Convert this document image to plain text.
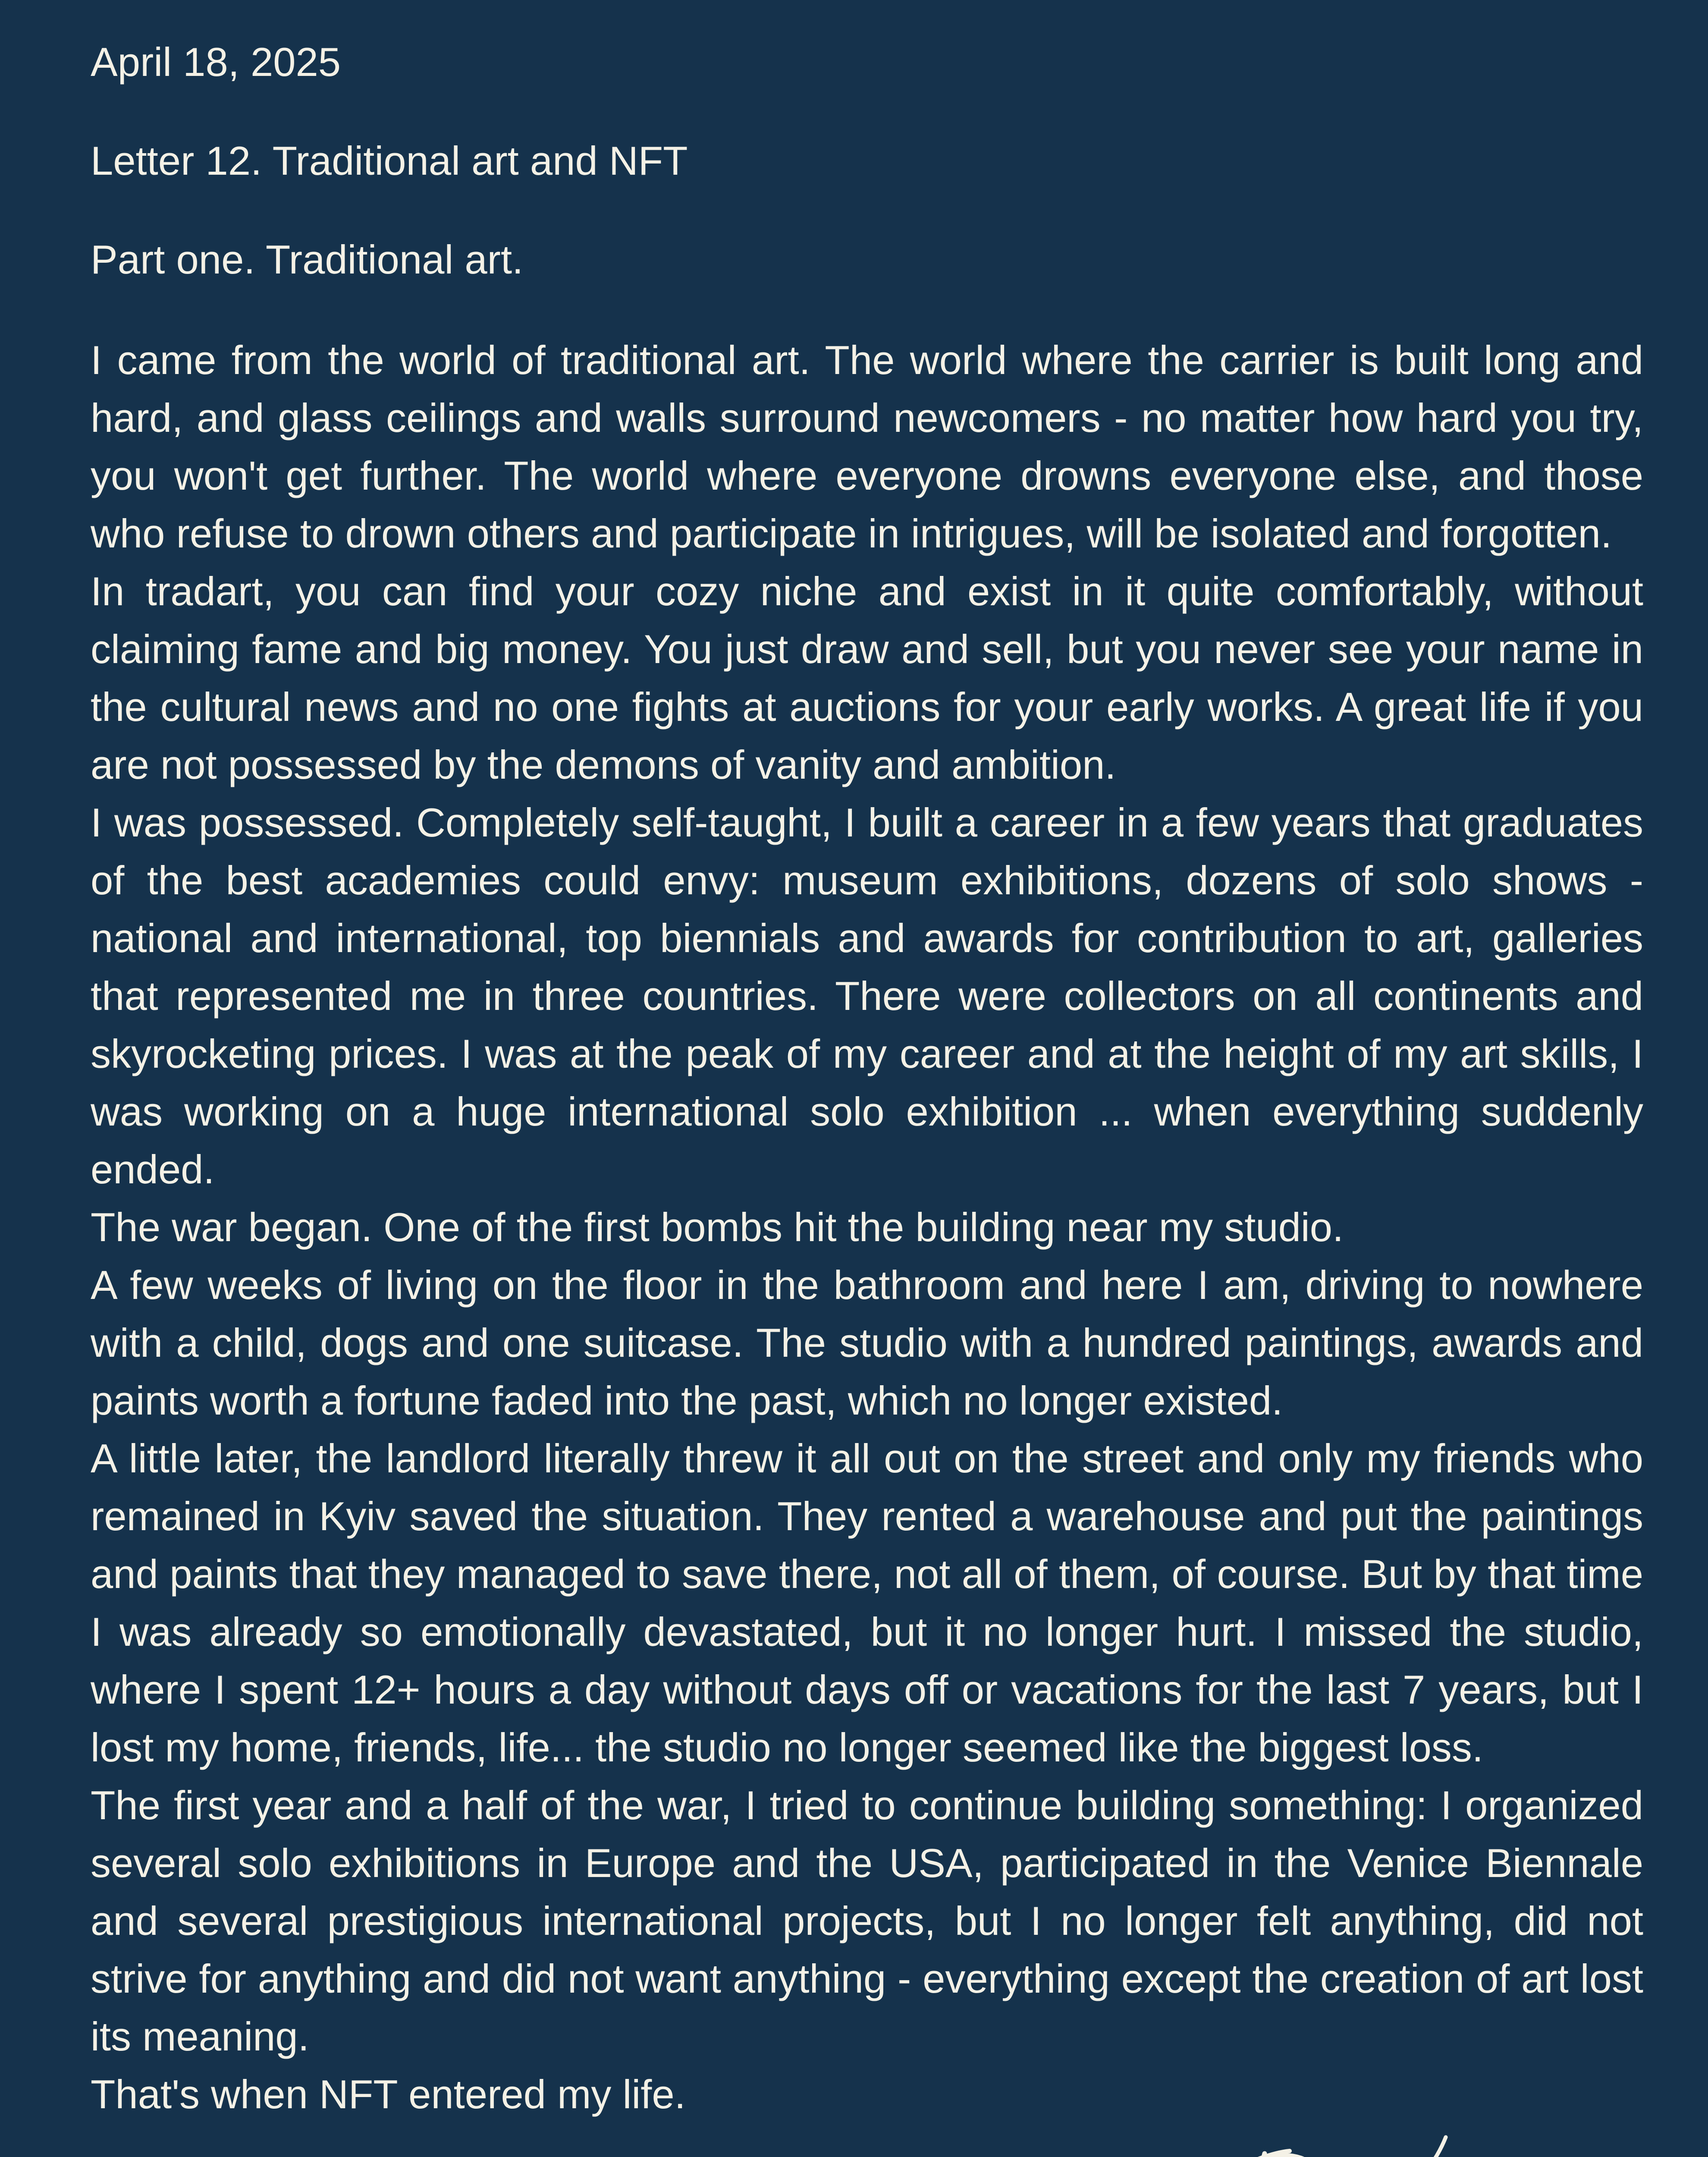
April 18, 2025

Letter 12. Traditional art and NFT

Part one. Traditional art.

I came from the world of traditional art. The world where the carrier is built long and hard, and glass ceilings and walls surround newcomers - no matter how hard you try, you won't get further. The world where everyone drowns everyone else, and those who refuse to drown others and participate in intrigues, will be isolated and forgotten.

In tradart, you can find your cozy niche and exist in it quite comfortably, without claiming fame and big money. You just draw and sell, but you never see your name in the cultural news and no one fights at auctions for your early works. A great life if you are not possessed by the demons of vanity and ambition.

I was possessed. Completely self-taught, I built a career in a few years that graduates of the best academies could envy: museum exhibitions, dozens of solo shows - national and international, top biennials and awards for contribution to art, galleries that represented me in three countries. There were collectors on all continents and skyrocketing prices. I was at the peak of my career and at the height of my art skills, I was working on a huge international solo exhibition ... when everything suddenly ended.

The war began. One of the first bombs hit the building near my studio.

A few weeks of living on the floor in the bathroom and here I am, driving to nowhere with a child, dogs and one suitcase. The studio with a hundred paintings, awards and paints worth a fortune faded into the past, which no longer existed.

A little later, the landlord literally threw it all out on the street and only my friends who remained in Kyiv saved the situation. They rented a warehouse and put the paintings and paints that they managed to save there, not all of them, of course. But by that time I was already so emotionally devastated, but it no longer hurt. I missed the studio, where I spent 12+ hours a day without days off or vacations for the last 7 years, but I lost my home, friends, life... the studio no longer seemed like the biggest loss.

The first year and a half of the war, I tried to continue building something: I organized several solo exhibitions in Europe and the USA, participated in the Venice Biennale and several prestigious international projects, but I no longer felt anything, did not strive for anything and did not want anything - everything except the creation of art lost its meaning.

That's when NFT entered my life.
